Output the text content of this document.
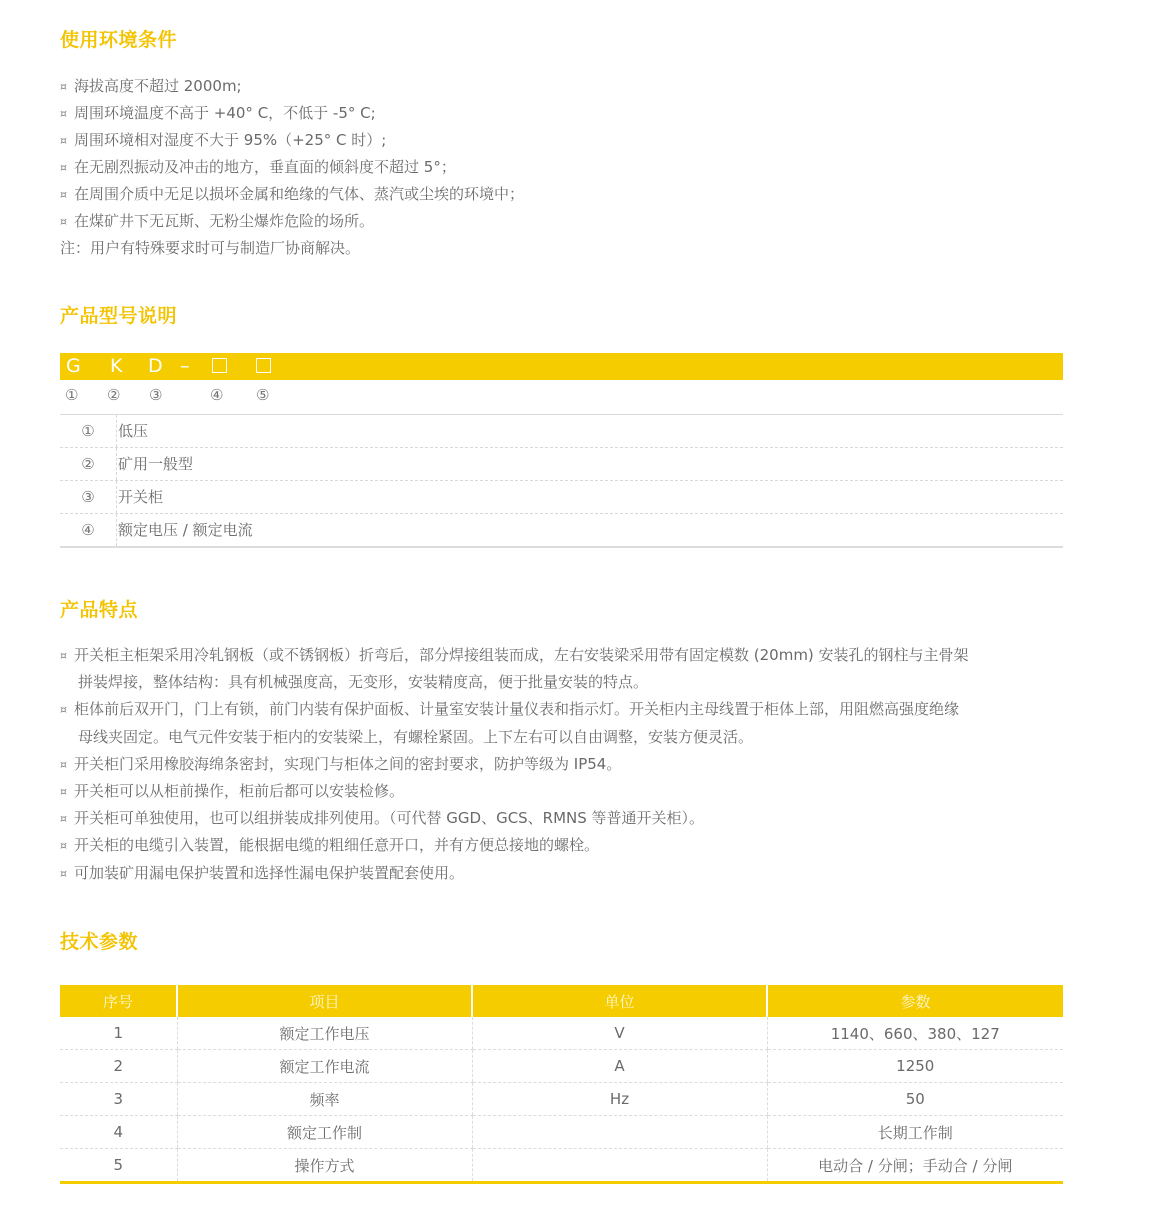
使用环境条件
¤ 海拔高度不超过 2000m;
¤ 周围环境温度不高于 +40° C，不低于 -5° C;
¤ 周围环境相对湿度不大于 95%（+25° C 时）;
¤ 在无剧烈振动及冲击的地方，垂直面的倾斜度不超过 5°；
¤ 在周围介质中无足以损坏金属和绝缘的气体、蒸汽或尘埃的环境中；
¤ 在煤矿井下无瓦斯、无粉尘爆炸危险的场所。
注：用户有特殊要求时可与制造厂协商解决。
产品型号说明
G K D –
① ② ③	④ ⑤
①	低压
②	矿用一般型
③	开关柜
④	额定电压 / 额定电流
产品特点
¤ 开关柜主柜架采用冷轧钢板（或不锈钢板）折弯后，部分焊接组装而成，左右安装梁采用带有固定模数 (20mm) 安装孔的钢柱与主骨架
拼装焊接，整体结构：具有机械强度高，无变形，安装精度高，便于批量安装的特点。
¤ 柜体前后双开门，门上有锁，前门内装有保护面板、计量室安装计量仪表和指示灯。开关柜内主母线置于柜体上部，用阻燃高强度绝缘
母线夹固定。电气元件安装于柜内的安装梁上，有螺栓紧固。上下左右可以自由调整，安装方便灵活。
¤ 开关柜门采用橡胶海绵条密封，实现门与柜体之间的密封要求，防护等级为 IP54。
¤ 开关柜可以从柜前操作，柜前后都可以安装检修。
¤ 开关柜可单独使用，也可以组拼装成排列使用。（可代替 GGD、GCS、RMNS 等普通开关柜）。
¤ 开关柜的电缆引入装置，能根据电缆的粗细任意开口，并有方便总接地的螺栓。
¤ 可加装矿用漏电保护装置和选择性漏电保护装置配套使用。
技术参数
序号	项目	单位	参数
1	额定工作电压	V	1140、660、380、127
2	额定工作电流	A	1250
3	频率	Hz	50
4	额定工作制		长期工作制
5	操作方式		电动合 / 分闸；手动合 / 分闸
